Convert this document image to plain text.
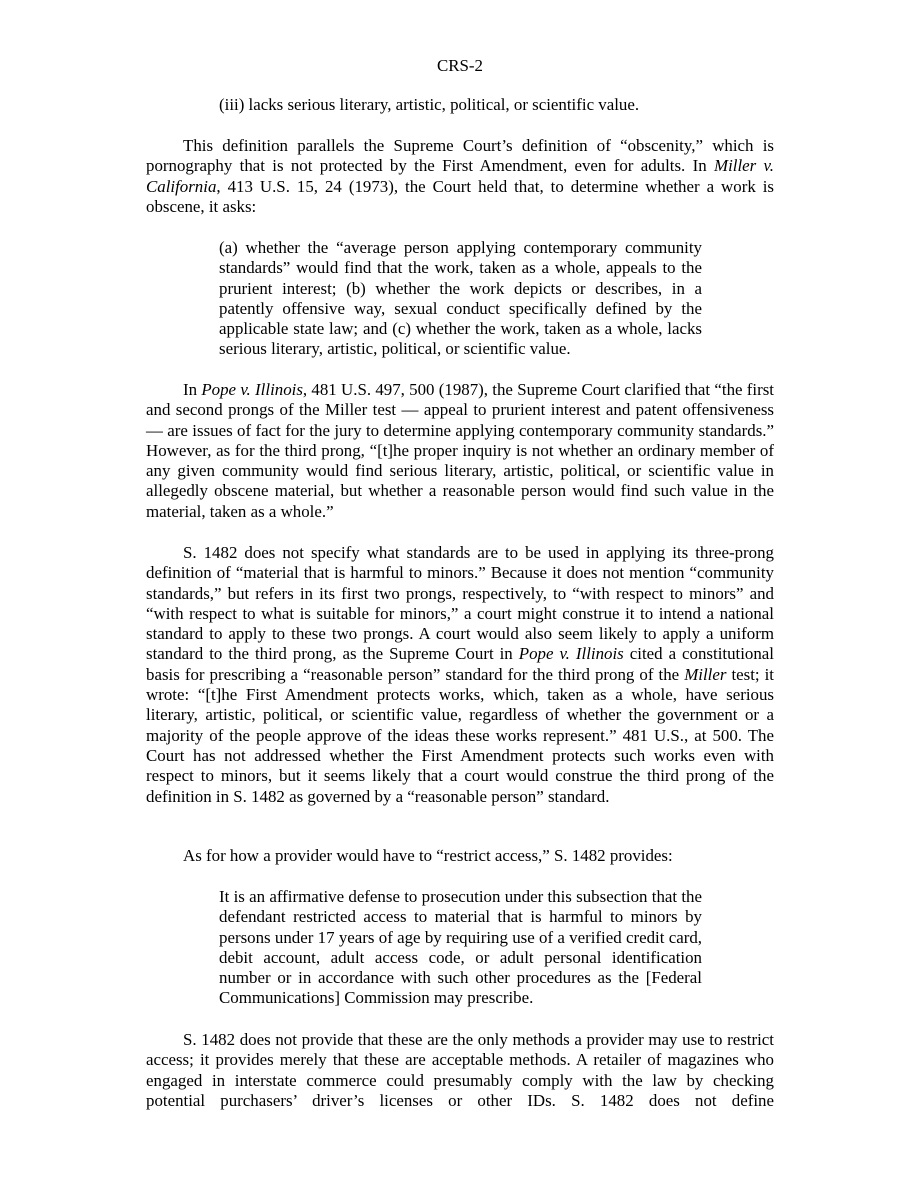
CRS-2
(iii) lacks serious literary, artistic, political, or scientific value.

This definition parallels the Supreme Court’s definition of “obscenity,” which is pornography that is not protected by the First Amendment, even for adults. In Miller v. California, 413 U.S. 15, 24 (1973), the Court held that, to determine whether a work is obscene, it asks:

(a) whether the “average person applying contemporary community standards” would find that the work, taken as a whole, appeals to the prurient interest; (b) whether the work depicts or describes, in a patently offensive way, sexual conduct specifically defined by the applicable state law; and (c) whether the work, taken as a whole, lacks serious literary, artistic, political, or scientific value.

In Pope v. Illinois, 481 U.S. 497, 500 (1987), the Supreme Court clarified that “the first and second prongs of the Miller test — appeal to prurient interest and patent offensiveness — are issues of fact for the jury to determine applying contemporary community standards.” However, as for the third prong, “[t]he proper inquiry is not whether an ordinary member of any given community would find serious literary, artistic, political, or scientific value in allegedly obscene material, but whether a reasonable person would find such value in the material, taken as a whole.”

S. 1482 does not specify what standards are to be used in applying its three-prong definition of “material that is harmful to minors.” Because it does not mention “community standards,” but refers in its first two prongs, respectively, to “with respect to minors” and “with respect to what is suitable for minors,” a court might construe it to intend a national standard to apply to these two prongs. A court would also seem likely to apply a uniform standard to the third prong, as the Supreme Court in Pope v. Illinois cited a constitutional basis for prescribing a “reasonable person” standard for the third prong of the Miller test; it wrote: “[t]he First Amendment protects works, which, taken as a whole, have serious literary, artistic, political, or scientific value, regardless of whether the government or a majority of the people approve of the ideas these works represent.” 481 U.S., at 500. The Court has not addressed whether the First Amendment protects such works even with respect to minors, but it seems likely that a court would construe the third prong of the definition in S. 1482 as governed by a “reasonable person” standard.

As for how a provider would have to “restrict access,” S. 1482 provides:

It is an affirmative defense to prosecution under this subsection that the defendant restricted access to material that is harmful to minors by persons under 17 years of age by requiring use of a verified credit card, debit account, adult access code, or adult personal identification number or in accordance with such other procedures as the [Federal Communications] Commission may prescribe.

S. 1482 does not provide that these are the only methods a provider may use to restrict access; it provides merely that these are acceptable methods. A retailer of magazines who engaged in interstate commerce could presumably comply with the law by checking potential purchasers’ driver’s licenses or other IDs. S. 1482 does not define
